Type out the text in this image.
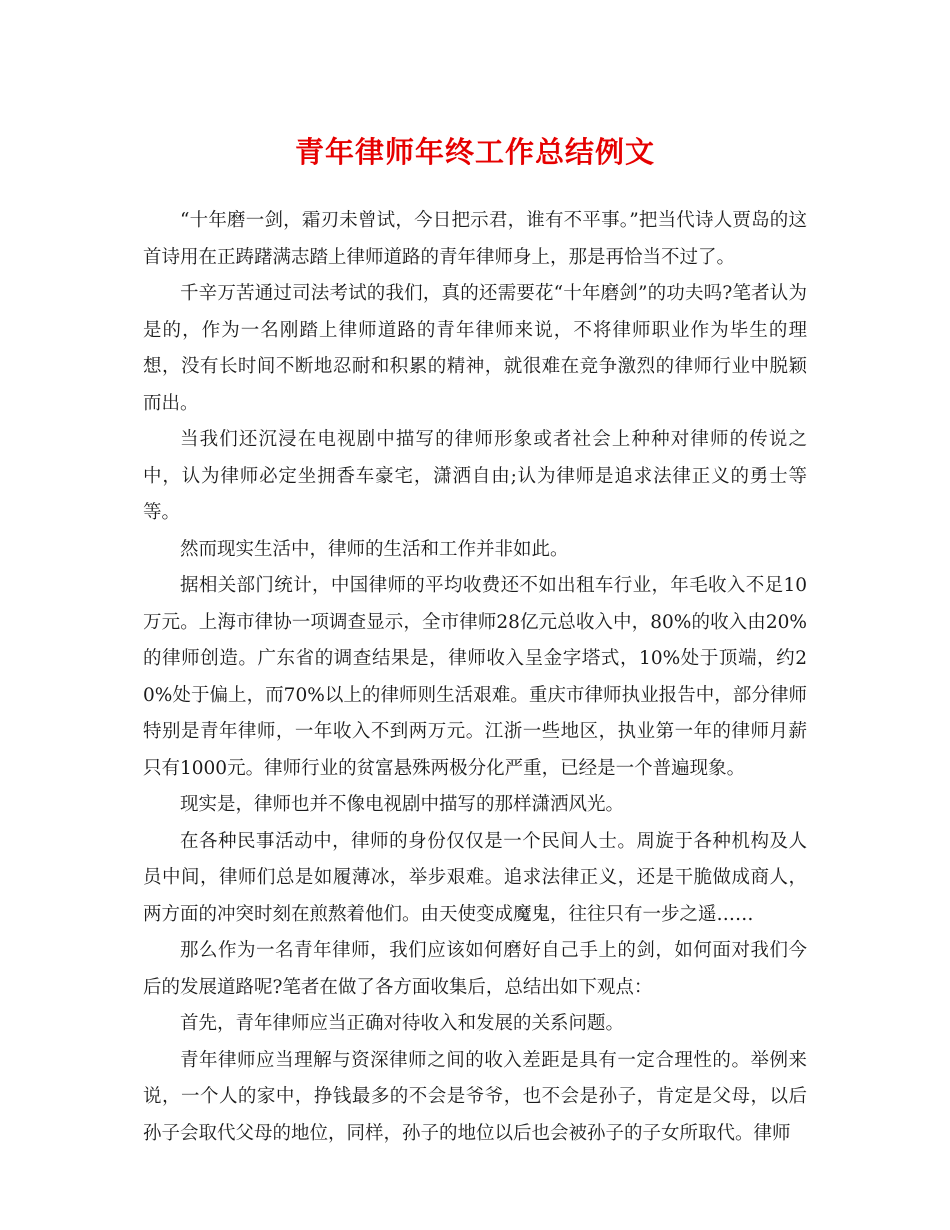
青年律师年终工作总结例文

“十年磨一剑，霜刃未曾试，今日把示君，谁有不平事。”把当代诗人贾岛的这首诗用在正踌躇满志踏上律师道路的青年律师身上，那是再恰当不过了。

千辛万苦通过司法考试的我们，真的还需要花“十年磨剑”的功夫吗?笔者认为是的，作为一名刚踏上律师道路的青年律师来说，不将律师职业作为毕生的理想，没有长时间不断地忍耐和积累的精神，就很难在竞争激烈的律师行业中脱颖而出。

当我们还沉浸在电视剧中描写的律师形象或者社会上种种对律师的传说之中，认为律师必定坐拥香车豪宅，潇洒自由;认为律师是追求法律正义的勇士等等。

然而现实生活中，律师的生活和工作并非如此。

据相关部门统计，中国律师的平均收费还不如出租车行业，年毛收入不足10万元。上海市律协一项调查显示，全市律师28亿元总收入中，80%的收入由20%的律师创造。广东省的调查结果是，律师收入呈金字塔式，10%处于顶端，约20%处于偏上，而70%以上的律师则生活艰难。重庆市律师执业报告中，部分律师特别是青年律师，一年收入不到两万元。江浙一些地区，执业第一年的律师月薪只有1000元。律师行业的贫富悬殊两极分化严重，已经是一个普遍现象。

现实是，律师也并不像电视剧中描写的那样潇洒风光。

在各种民事活动中，律师的身份仅仅是一个民间人士。周旋于各种机构及人员中间，律师们总是如履薄冰，举步艰难。追求法律正义，还是干脆做成商人，两方面的冲突时刻在煎熬着他们。由天使变成魔鬼，往往只有一步之遥……

那么作为一名青年律师，我们应该如何磨好自己手上的剑，如何面对我们今后的发展道路呢?笔者在做了各方面收集后，总结出如下观点：

首先，青年律师应当正确对待收入和发展的关系问题。

青年律师应当理解与资深律师之间的收入差距是具有一定合理性的。举例来说，一个人的家中，挣钱最多的不会是爷爷，也不会是孙子，肯定是父母，以后孙子会取代父母的地位，同样，孙子的地位以后也会被孙子的子女所取代。律师
